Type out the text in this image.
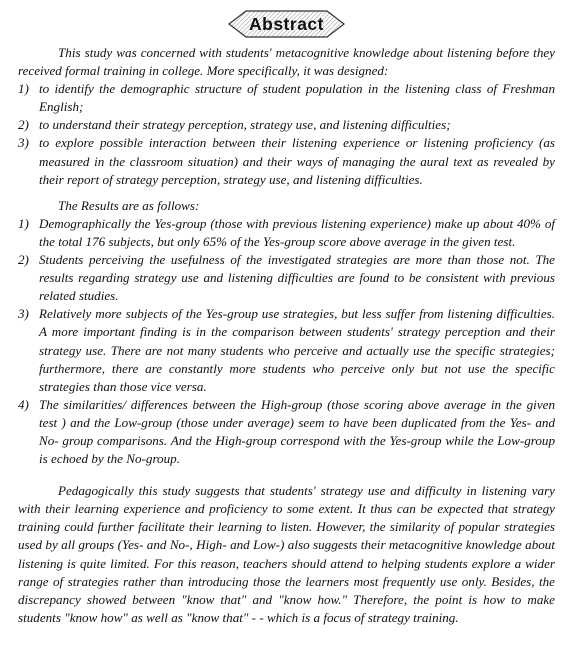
Abstract

This study was concerned with students' metacognitive knowledge about listening before they received formal training in college. More specifically, it was designed:

1) to identify the demographic structure of student population in the listening class of Freshman English;
2) to understand their strategy perception, strategy use, and listening difficulties;
3) to explore possible interaction between their listening experience or listening proficiency (as measured in the classroom situation) and their ways of managing the aural text as revealed by their report of strategy perception, strategy use, and listening difficulties.

The Results are as follows:

1) Demographically the Yes-group (those with previous listening experience) make up about 40% of the total 176 subjects, but only 65% of the Yes-group score above average in the given test.
2) Students perceiving the usefulness of the investigated strategies are more than those not. The results regarding strategy use and listening difficulties are found to be consistent with previous related studies.
3) Relatively more subjects of the Yes-group use strategies, but less suffer from listening difficulties. A more important finding is in the comparison between students' strategy perception and their strategy use. There are not many students who perceive and actually use the specific strategies; furthermore, there are constantly more students who perceive only but not use the specific strategies than those vice versa.
4) The similarities/ differences between the High-group (those scoring above average in the given test ) and the Low-group (those under average) seem to have been duplicated from the Yes- and No- group comparisons. And the High-group correspond with the Yes-group while the Low-group is echoed by the No-group.

Pedagogically this study suggests that students' strategy use and difficulty in listening vary with their learning experience and proficiency to some extent. It thus can be expected that strategy training could further facilitate their learning to listen. However, the similarity of popular strategies used by all groups (Yes- and No-, High- and Low-) also suggests their metacognitive knowledge about listening is quite limited. For this reason, teachers should attend to helping students explore a wider range of strategies rather than introducing those the learners most frequently use only. Besides, the discrepancy showed between "know that" and "know how." Therefore, the point is how to make students "know how" as well as "know that" - - which is a focus of strategy training.
